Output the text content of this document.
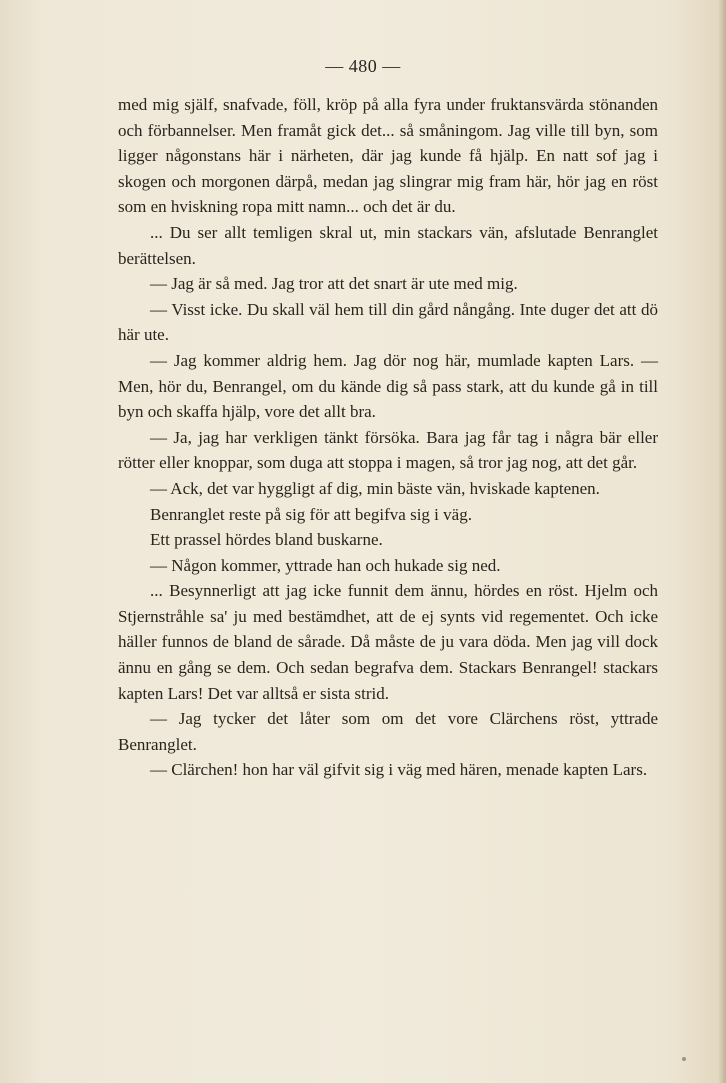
— 480 —

med mig själf, snafvade, föll, kröp på alla fyra under fruktansvärda stönanden och förbannelser. Men framåt gick det... så småningom. Jag ville till byn, som ligger någonstans här i närheten, där jag kunde få hjälp. En natt sof jag i skogen och morgonen därpå, medan jag slingrar mig fram här, hör jag en röst som en hviskning ropa mitt namn... och det är du.

... Du ser allt temligen skral ut, min stackars vän, afslutade Benranglet berättelsen.

— Jag är så med. Jag tror att det snart är ute med mig.

— Visst icke. Du skall väl hem till din gård nångång. Inte duger det att dö här ute.

— Jag kommer aldrig hem. Jag dör nog här, mumlade kapten Lars. — Men, hör du, Benrangel, om du kände dig så pass stark, att du kunde gå in till byn och skaffa hjälp, vore det allt bra.

— Ja, jag har verkligen tänkt försöka. Bara jag får tag i några bär eller rötter eller knoppar, som duga att stoppa i magen, så tror jag nog, att det går.

— Ack, det var hyggligt af dig, min bäste vän, hviskade kaptenen.

Benranglet reste på sig för att begifva sig i väg.

Ett prassel hördes bland buskarne.

— Någon kommer, yttrade han och hukade sig ned.

... Besynnerligt att jag icke funnit dem ännu, hördes en röst. Hjelm och Stjernstråhle sa' ju med bestämdhet, att de ej synts vid regementet. Och icke häller funnos de bland de sårade. Då måste de ju vara döda. Men jag vill dock ännu en gång se dem. Och sedan begrafva dem. Stackars Benrangel! stackars kapten Lars! Det var alltså er sista strid.

— Jag tycker det låter som om det vore Clärchens röst, yttrade Benranglet.

— Clärchen! hon har väl gifvit sig i väg med hären, menade kapten Lars.
